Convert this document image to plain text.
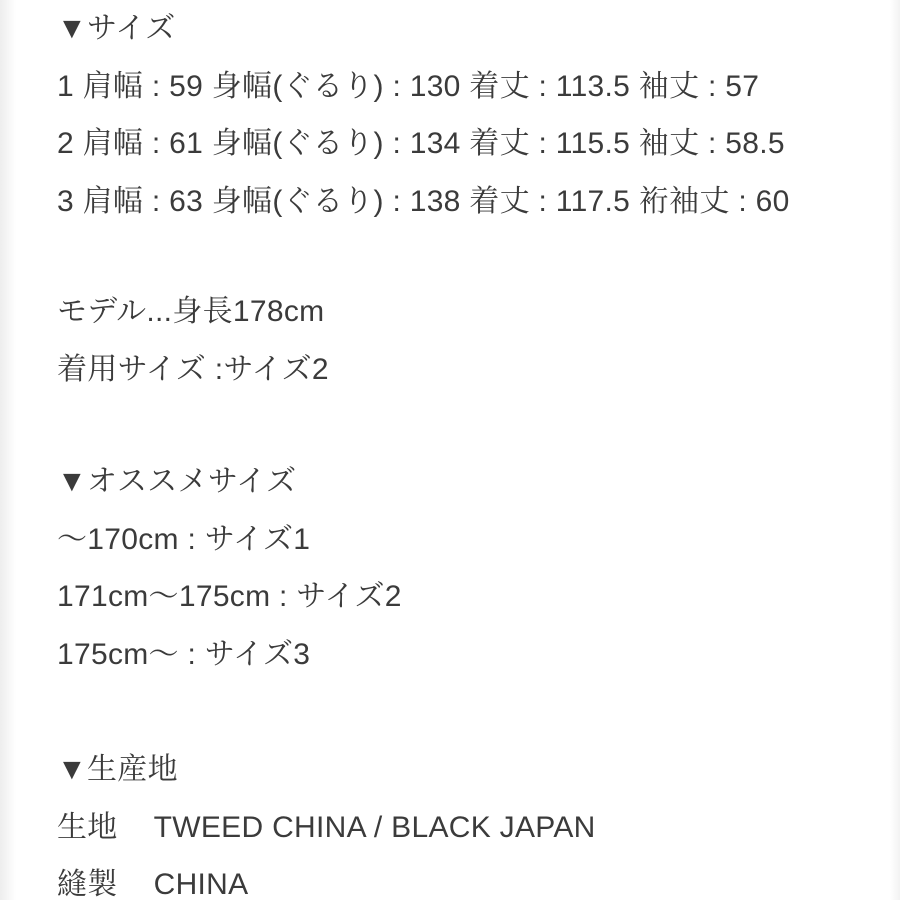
▼サイズ
1 肩幅 : 59 身幅(ぐるり) : 130 着丈 : 113.5 袖丈 : 57
2 肩幅 : 61 身幅(ぐるり) : 134 着丈 : 115.5 袖丈 : 58.5
3 肩幅 : 63 身幅(ぐるり) : 138 着丈 : 117.5 裄袖丈 : 60
モデル...身長178cm
着用サイズ :サイズ2
▼オススメサイズ
〜170cm : サイズ1
171cm〜175cm : サイズ2
175cm〜 : サイズ3
▼生産地
生地 TWEED CHINA / BLACK JAPAN
縫製 CHINA
